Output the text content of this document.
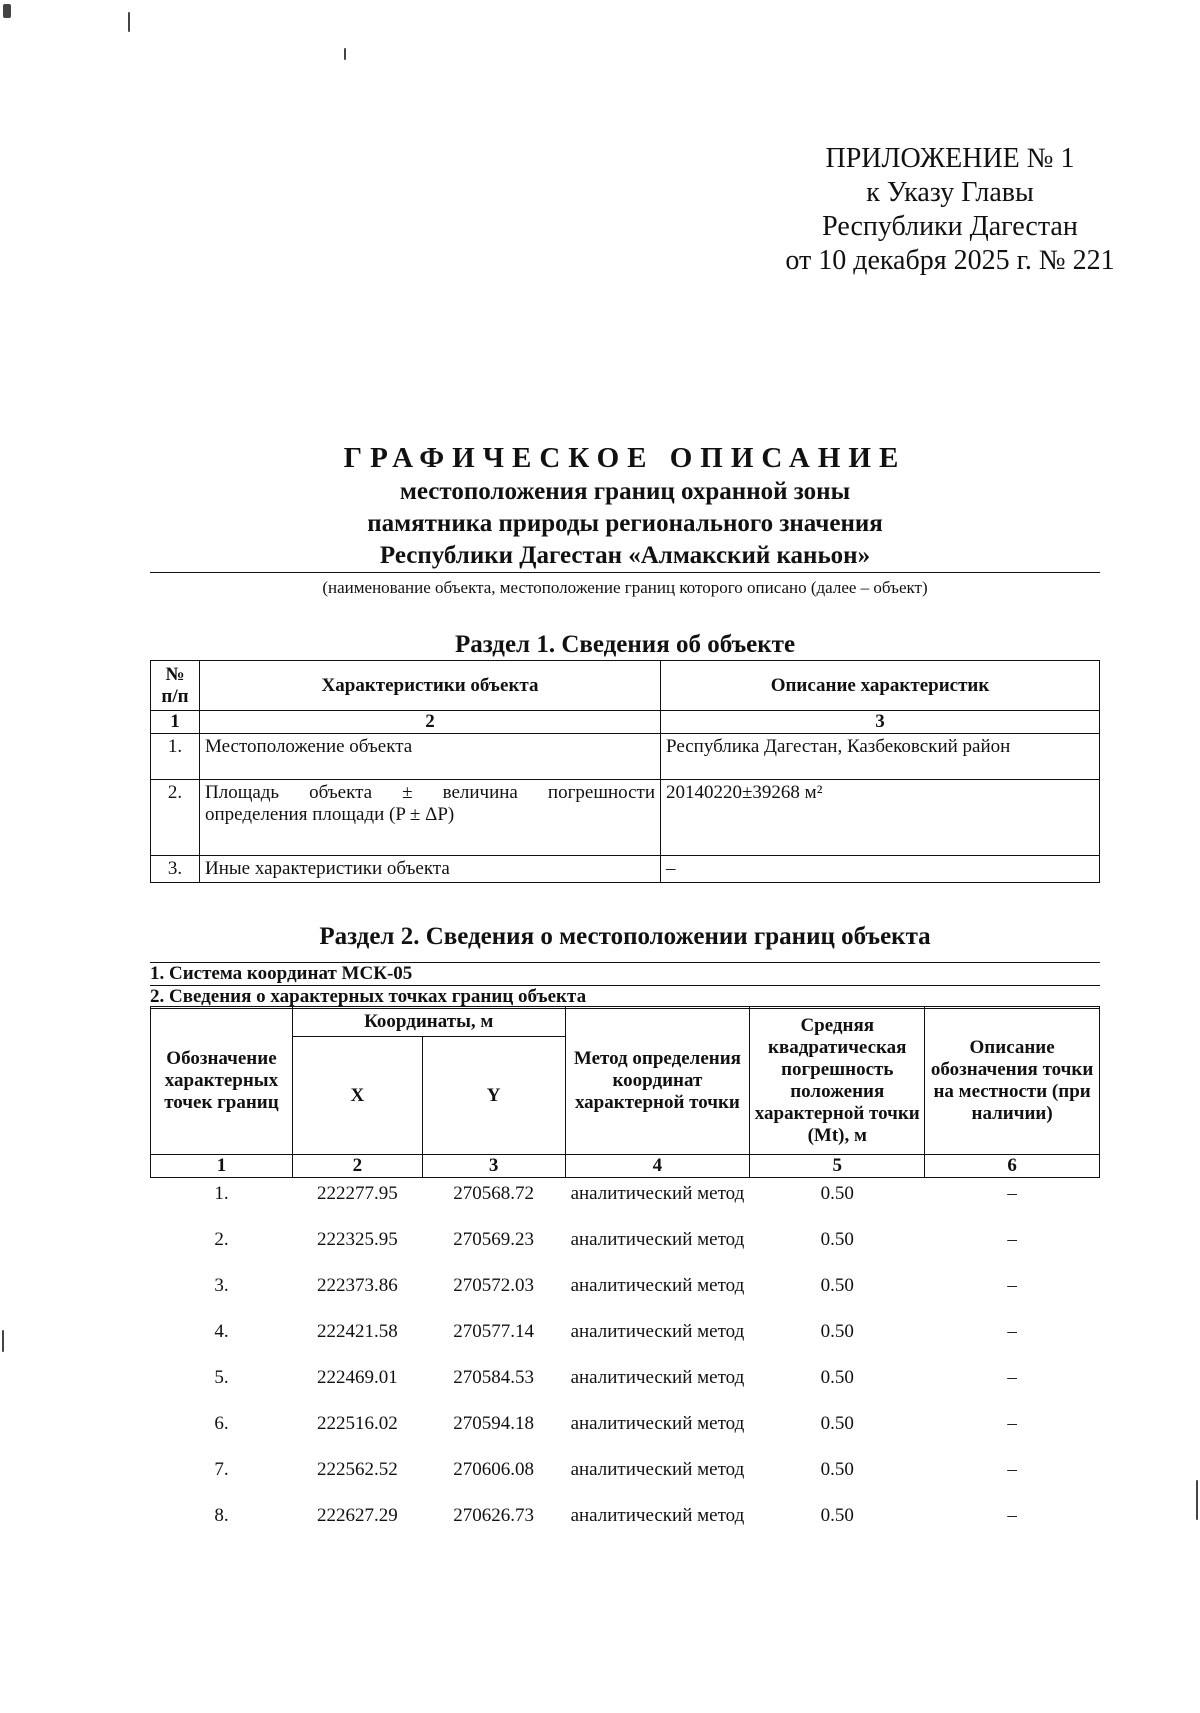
ПРИЛОЖЕНИЕ № 1
к Указу Главы
Республики Дагестан
от 10 декабря 2025 г. № 221
ГРАФИЧЕСКОЕ ОПИСАНИЕ
местоположения границ охранной зоны
памятника природы регионального значения
Республики Дагестан «Алмакский каньон»
(наименование объекта, местоположение границ которого описано (далее – объект)
Раздел 1. Сведения об объекте
№ п/п	Характеристики объекта	Описание характеристик
1	2	3
1.	Местоположение объекта	Республика Дагестан, Казбековский район
2.	Площадь объекта ± величина погрешности определения площади (P ± ΔP)	20140220±39268 м²
3.	Иные характеристики объекта	–
Раздел 2. Сведения о местоположении границ объекта
1. Система координат МСК-05
2. Сведения о характерных точках границ объекта
Обозначение характерных точек границ	Координаты, м		Метод определения координат характерной точки	Средняя квадратическая погрешность положения характерной точки (Mt), м	Описание обозначения точки на местности (при наличии)
	X	Y			
1	2	3	4	5	6
1.	222277.95	270568.72	аналитический метод	0.50	–
2.	222325.95	270569.23	аналитический метод	0.50	–
3.	222373.86	270572.03	аналитический метод	0.50	–
4.	222421.58	270577.14	аналитический метод	0.50	–
5.	222469.01	270584.53	аналитический метод	0.50	–
6.	222516.02	270594.18	аналитический метод	0.50	–
7.	222562.52	270606.08	аналитический метод	0.50	–
8.	222627.29	270626.73	аналитический метод	0.50	–
